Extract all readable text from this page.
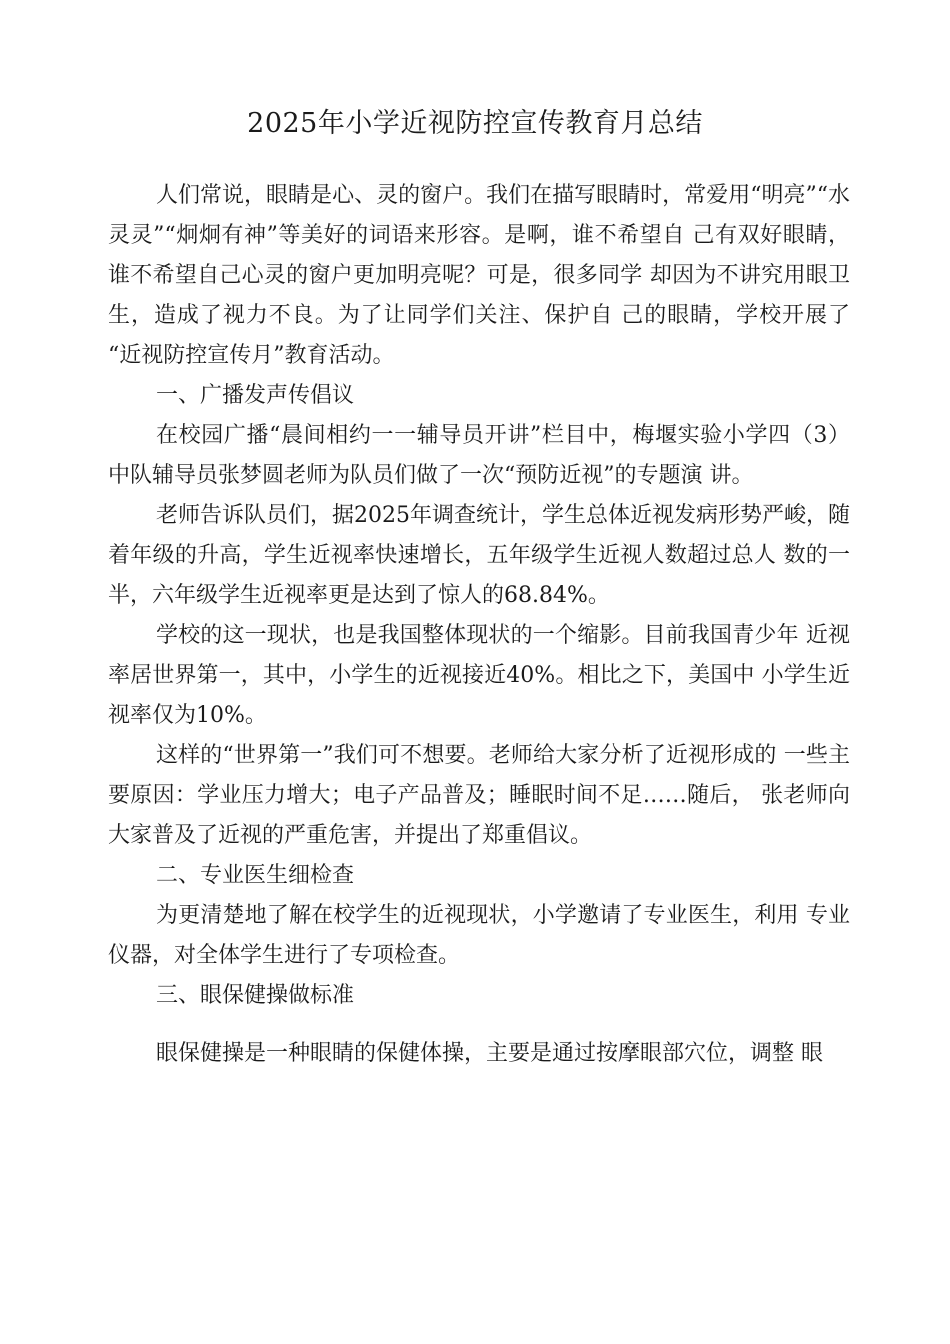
2025年小学近视防控宣传教育月总结

人们常说，眼睛是心、灵的窗户。我们在描写眼睛时，常爱用“明亮”“水灵灵”“炯炯有神”等美好的词语来形容。是啊，谁不希望自 己有双好眼睛，谁不希望自己心灵的窗户更加明亮呢？可是，很多同学 却因为不讲究用眼卫生，造成了视力不良。为了让同学们关注、保护自 己的眼睛，学校开展了 “近视防控宣传月”教育活动。

一、广播发声传倡议

在校园广播“晨间相约一一辅导员开讲”栏目中，梅堰实验小学四（3）中队辅导员张梦圆老师为队员们做了一次“预防近视”的专题演 讲。

老师告诉队员们，据2025年调查统计，学生总体近视发病形势严峻，随着年级的升高，学生近视率快速增长，五年级学生近视人数超过总人 数的一半，六年级学生近视率更是达到了惊人的68.84%。

学校的这一现状，也是我国整体现状的一个缩影。目前我国青少年 近视率居世界第一，其中，小学生的近视接近40%。相比之下，美国中 小学生近视率仅为10%。

这样的“世界第一”我们可不想要。老师给大家分析了近视形成的 一些主要原因：学业压力增大；电子产品普及；睡眠时间不足……随后， 张老师向大家普及了近视的严重危害，并提出了郑重倡议。

二、专业医生细检查

为更清楚地了解在校学生的近视现状，小学邀请了专业医生，利用 专业仪器，对全体学生进行了专项检查。

三、眼保健操做标准

眼保健操是一种眼睛的保健体操，主要是通过按摩眼部穴位，调整 眼
